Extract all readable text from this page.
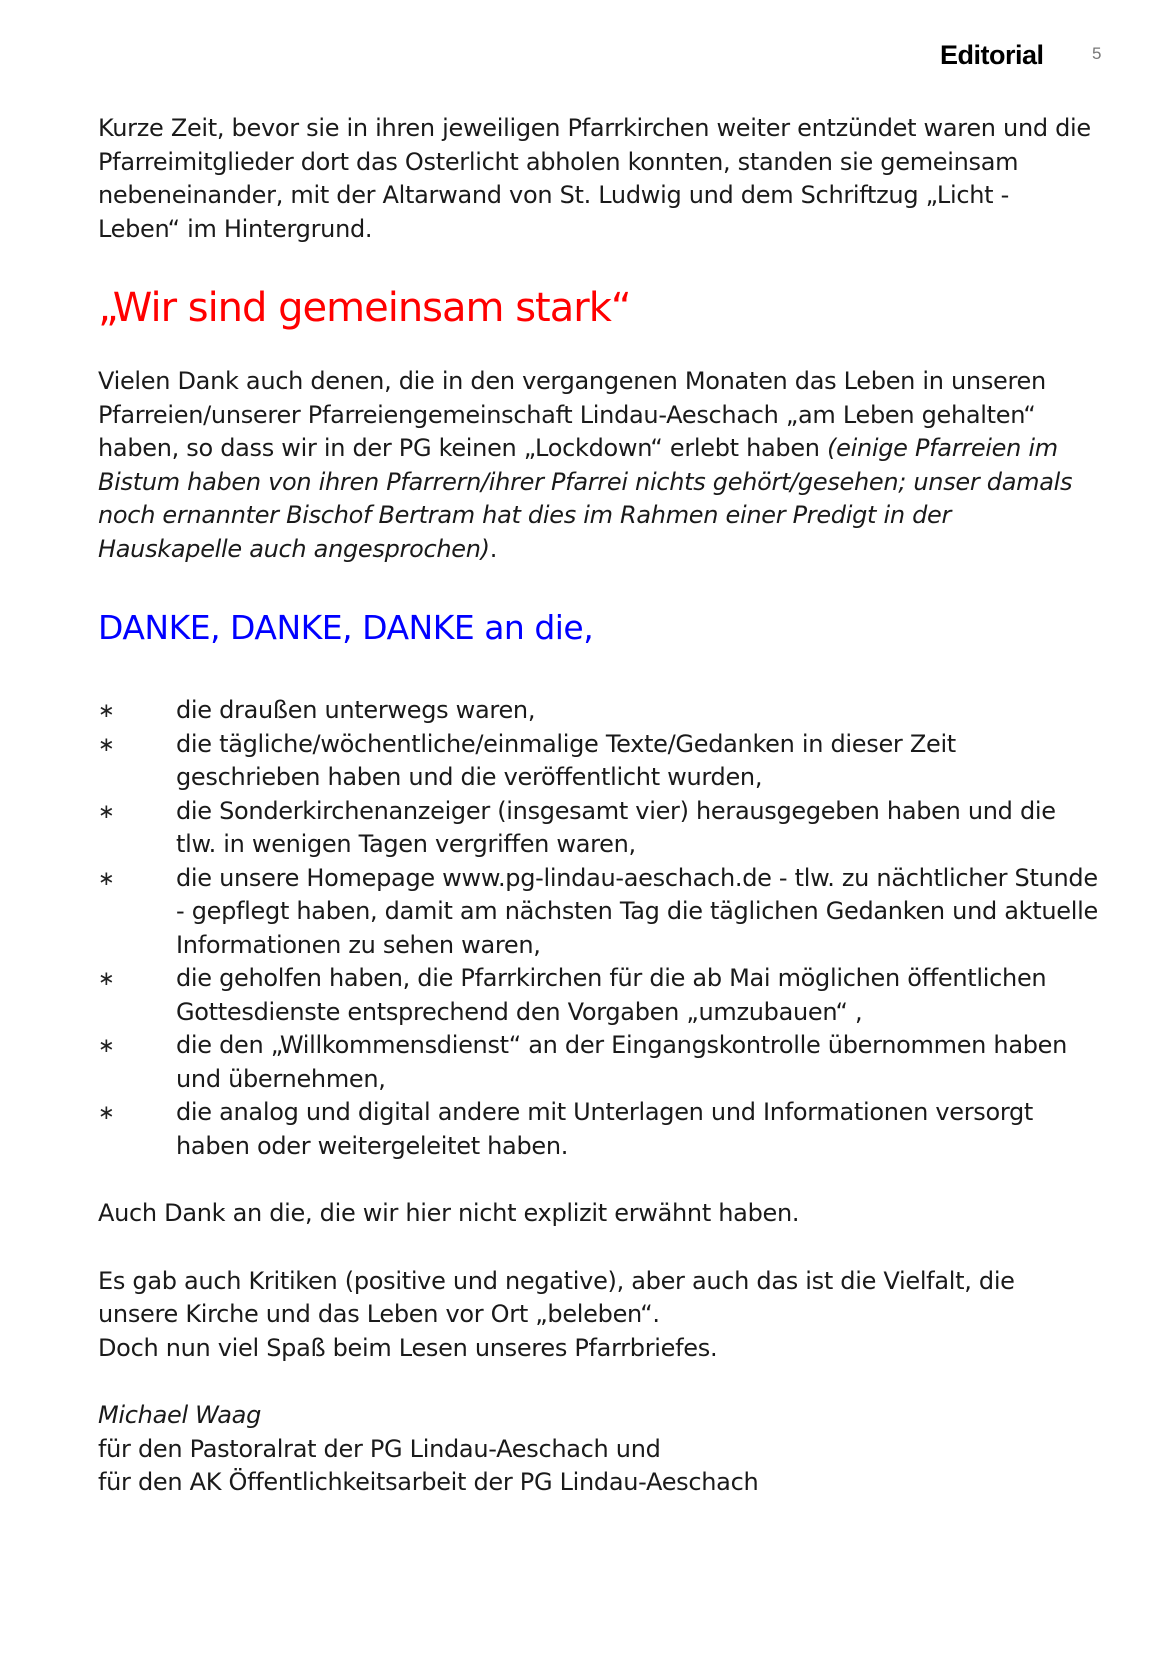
Editorial	5

Kurze Zeit, bevor sie in ihren jeweiligen Pfarrkirchen weiter entzündet waren und die Pfarreimitglieder dort das Osterlicht abholen konnten, standen sie gemeinsam nebeneinander, mit der Altarwand von St. Ludwig und dem Schriftzug „Licht - Leben“ im Hintergrund.

„Wir sind gemeinsam stark“

Vielen Dank auch denen, die in den vergangenen Monaten das Leben in unseren Pfarreien/unserer Pfarreiengemeinschaft Lindau-Aeschach „am Leben gehalten“ haben, so dass wir in der PG keinen „Lockdown“ erlebt haben (einige Pfarreien im Bistum haben von ihren Pfarrern/ihrer Pfarrei nichts gehört/gesehen; unser damals noch ernannter Bischof Bertram hat dies im Rahmen einer Predigt in der Hauskapelle auch angesprochen).

DANKE, DANKE, DANKE an die,
∗	die draußen unterwegs waren,
∗	die tägliche/wöchentliche/einmalige Texte/Gedanken in dieser Zeit geschrieben haben und die veröffentlicht wurden,
∗	die Sonderkirchenanzeiger (insgesamt vier) herausgegeben haben und die tlw. in wenigen Tagen vergriffen waren,
∗	die unsere Homepage www.pg-lindau-aeschach.de - tlw. zu nächtlicher Stunde - gepflegt haben, damit am nächsten Tag die täglichen Gedanken und aktuelle Informationen zu sehen waren,
∗	die geholfen haben, die Pfarrkirchen für die ab Mai möglichen öffentlichen Gottesdienste entsprechend den Vorgaben „umzubauen“ ,
∗	die den „Willkommensdienst“ an der Eingangskontrolle übernommen haben und übernehmen,
∗	die analog und digital andere mit Unterlagen und Informationen versorgt haben oder weitergeleitet haben.

Auch Dank an die, die wir hier nicht explizit erwähnt haben.

Es gab auch Kritiken (positive und negative), aber auch das ist die Vielfalt, die unsere Kirche und das Leben vor Ort „beleben“.

Doch nun viel Spaß beim Lesen unseres Pfarrbriefes.

Michael Waag

für den Pastoralrat der PG Lindau-Aeschach und

für den AK Öffentlichkeitsarbeit der PG Lindau-Aeschach
